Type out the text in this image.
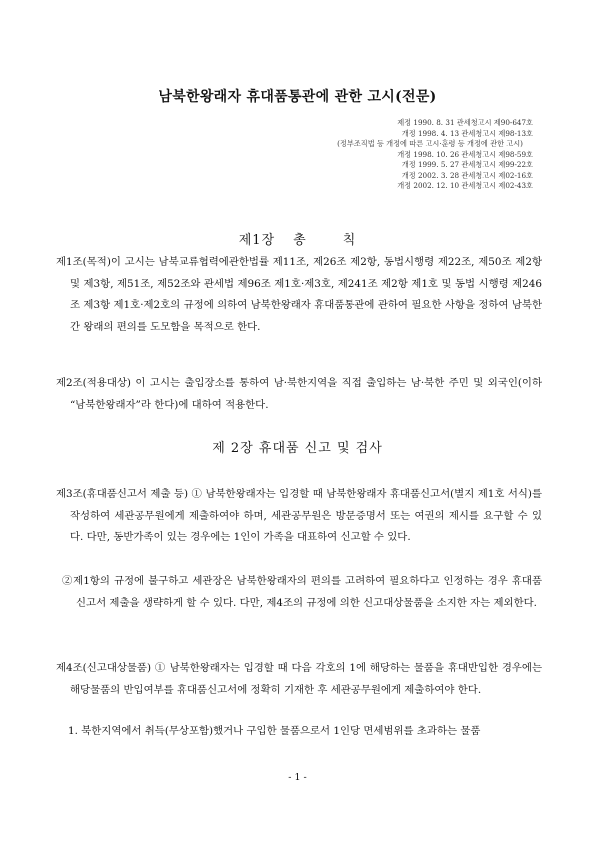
남북한왕래자 휴대품통관에 관한 고시(전문)
제정 1990. 8. 31 관세청고시 제90-647호
개정 1998. 4. 13 관세청고시 제98-13호
(정부조직법 등 개정에 따른 고시·훈령 등 개정에 관한 고시)
개정 1998. 10. 26 관세청고시 제98-59호
개정 1999. 5. 27 관세청고시 제99-22호
개정 2002. 3. 28 관세청고시 제02-16호
개정 2002. 12. 10 관세청고시 제02-43호
제1장 총	칙

제1조(목적)이 고시는 남북교류협력에관한법률 제11조, 제26조 제2항, 동법시행령 제22조, 제50조 제2항 및 제3항, 제51조, 제52조와 관세법 제96조 제1호·제3호, 제241조 제2항 제1호 및 동법 시행령 제246조 제3항 제1호·제2호의 규정에 의하여 남북한왕래자 휴대품통관에 관하여 필요한 사항을 정하여 남북한간 왕래의 편의를 도모함을 목적으로 한다.

제2조(적용대상) 이 고시는 출입장소를 통하여 남·북한지역을 직접 출입하는 남·북한 주민 및 외국인(이하 “남북한왕래자”라 한다)에 대하여 적용한다.

제 2장 휴대품 신고 및 검사

제3조(휴대품신고서 제출 등) ① 남북한왕래자는 입경할 때 남북한왕래자 휴대품신고서(별지 제1호 서식)를 작성하여 세관공무원에게 제출하여야 하며, 세관공무원은 방문증명서 또는 여권의 제시를 요구할 수 있다. 다만, 동반가족이 있는 경우에는 1인이 가족을 대표하여 신고할 수 있다.

②제1항의 규정에 불구하고 세관장은 남북한왕래자의 편의를 고려하여 필요하다고 인정하는 경우 휴대품신고서 제출을 생략하게 할 수 있다. 다만, 제4조의 규정에 의한 신고대상물품을 소지한 자는 제외한다.

제4조(신고대상물품) ① 남북한왕래자는 입경할 때 다음 각호의 1에 해당하는 물품을 휴대반입한 경우에는 해당물품의 반입여부를 휴대품신고서에 정확히 기재한 후 세관공무원에게 제출하여야 한다.

1. 북한지역에서 취득(무상포함)했거나 구입한 물품으로서 1인당 면세범위를 초과하는 물품

- 1 -
